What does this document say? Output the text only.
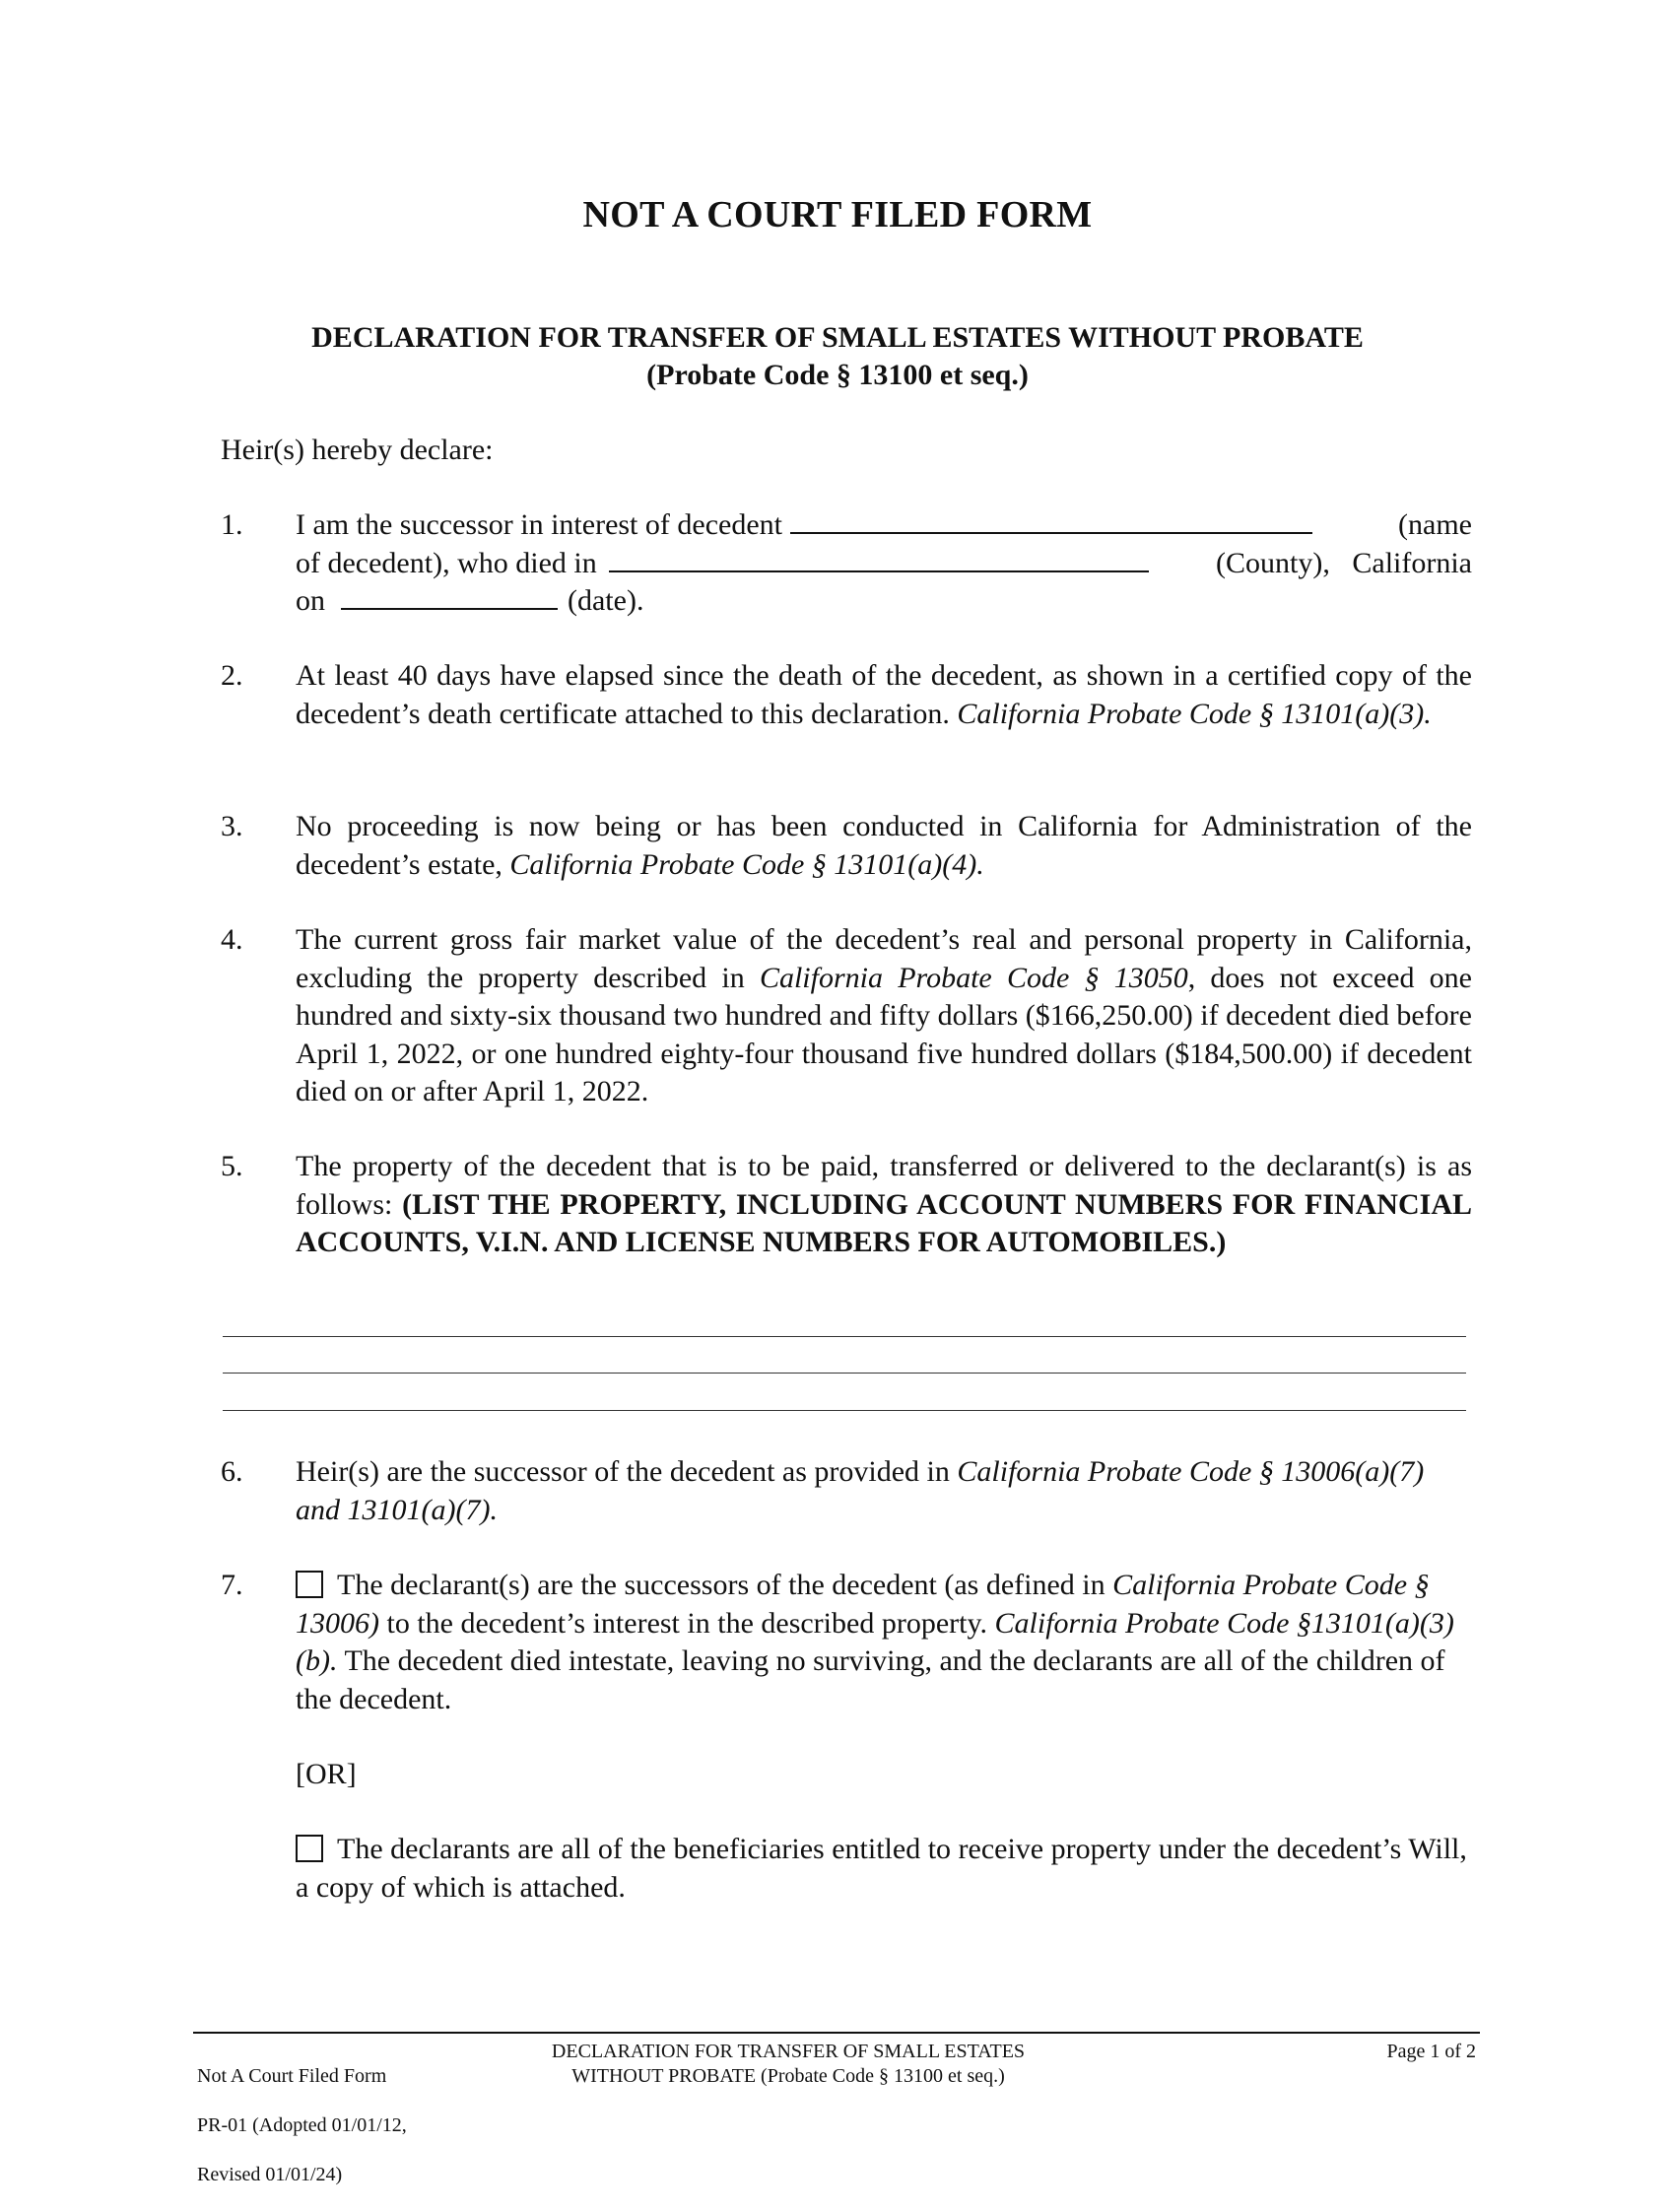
NOT A COURT FILED FORM
DECLARATION FOR TRANSFER OF SMALL ESTATES WITHOUT PROBATE
(Probate Code § 13100 et seq.)
Heir(s) hereby declare:
1.	I am the successor in interest of decedent	(name
of decedent), who died in	(County),   California
on	(date).
2.	At least 40 days have elapsed since the death of the decedent, as shown in a certified copy of the decedent’s death certificate attached to this declaration. California Probate Code § 13101(a)(3).
3.	No proceeding is now being or has been conducted in California for Administration of the decedent’s estate, California Probate Code § 13101(a)(4).
4.	The current gross fair market value of the decedent’s real and personal property in California, excluding the property described in California Probate Code § 13050, does not exceed one hundred and sixty-six thousand two hundred and fifty dollars ($166,250.00) if decedent died before April 1, 2022, or one hundred eighty-four thousand five hundred dollars ($184,500.00) if decedent died on or after April 1, 2022.
5.	The property of the decedent that is to be paid, transferred or delivered to the declarant(s) is as follows: (LIST THE PROPERTY, INCLUDING ACCOUNT NUMBERS FOR FINANCIAL ACCOUNTS, V.I.N. AND LICENSE NUMBERS FOR AUTOMOBILES.)
6.	Heir(s) are the successor of the decedent as provided in California Probate Code § 13006(a)(7) and 13101(a)(7).
7.	The declarant(s) are the successors of the decedent (as defined in California Probate Code § 13006) to the decedent’s interest in the described property. California Probate Code §13101(a)(3)(b). The decedent died intestate, leaving no surviving, and the declarants are all of the children of the decedent.
[OR]
The declarants are all of the beneficiaries entitled to receive property under the decedent’s Will, a copy of which is attached.

Not A Court Filed Form

PR-01 (Adopted 01/01/12,

Revised 01/01/24)

DECLARATION FOR TRANSFER OF SMALL ESTATES
WITHOUT PROBATE (Probate Code § 13100 et seq.)
Page 1 of 2
